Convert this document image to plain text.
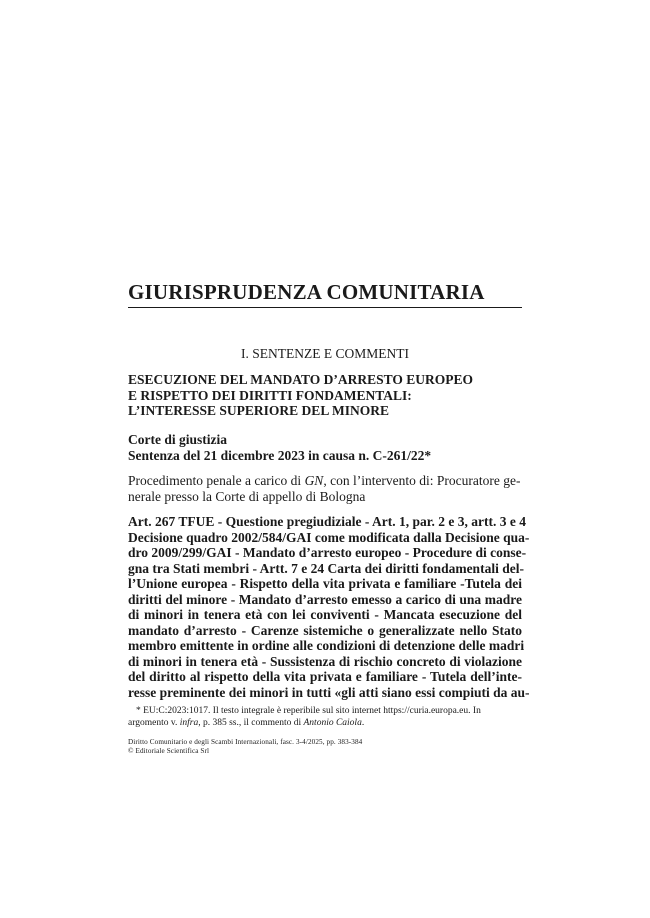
GIURISPRUDENZA COMUNITARIA
I. SENTENZE E COMMENTI
ESECUZIONE DEL MANDATO D’ARRESTO EUROPEO
E RISPETTO DEI DIRITTI FONDAMENTALI:
L’INTERESSE SUPERIORE DEL MINORE
Corte di giustizia
Sentenza del 21 dicembre 2023 in causa n. C-261/22*
Procedimento penale a carico di GN, con l’intervento di: Procuratore ge-
nerale presso la Corte di appello di Bologna
Art. 267 TFUE - Questione pregiudiziale - Art. 1, par. 2 e 3, artt. 3 e 4
Decisione quadro 2002/584/GAI come modificata dalla Decisione qua-
dro 2009/299/GAI - Mandato d’arresto europeo - Procedure di conse-
gna tra Stati membri - Artt. 7 e 24 Carta dei diritti fondamentali del-
l’Unione europea - Rispetto della vita privata e familiare -Tutela dei
diritti del minore - Mandato d’arresto emesso a carico di una madre
di minori in tenera età con lei conviventi - Mancata esecuzione del
mandato d’arresto - Carenze sistemiche o generalizzate nello Stato
membro emittente in ordine alle condizioni di detenzione delle madri
di minori in tenera età - Sussistenza di rischio concreto di violazione
del diritto al rispetto della vita privata e familiare - Tutela dell’inte-
resse preminente dei minori in tutti «gli atti siano essi compiuti da au-
* EU:C:2023:1017. Il testo integrale è reperibile sul sito internet https://curia.europa.eu. In
argomento v. infra, p. 385 ss., il commento di Antonio Caiola.
Diritto Comunitario e degli Scambi Internazionali, fasc. 3-4/2025, pp. 383-384
© Editoriale Scientifica Srl
